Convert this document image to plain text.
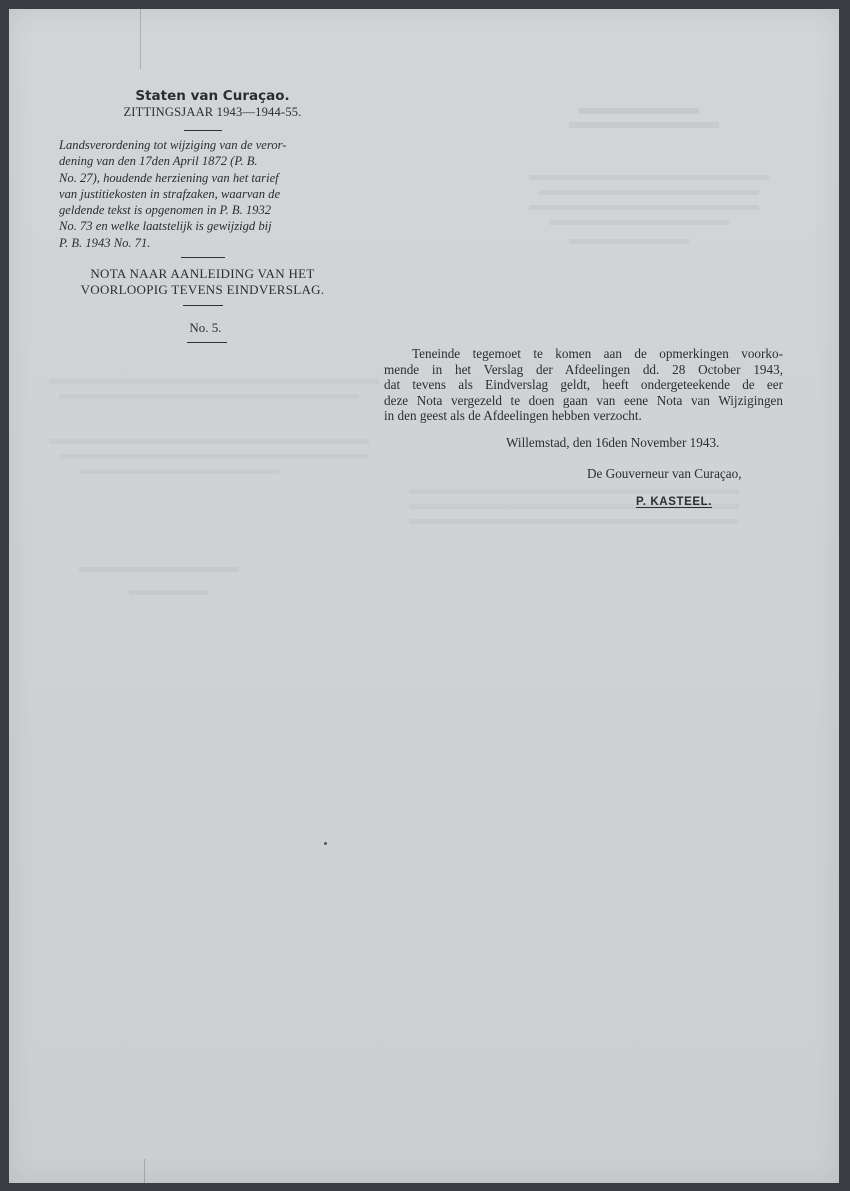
Staten van Curaçao.
ZITTINGSJAAR 1943—1944-55.
Landsverordening tot wijziging van de veror-
dening van den 17den April 1872 (P. B.
No. 27), houdende herziening van het tarief
van justitiekosten in strafzaken, waarvan de
geldende tekst is opgenomen in P. B. 1932
No. 73 en welke laatstelijk is gewijzigd bij
P. B. 1943 No. 71.
NOTA NAAR AANLEIDING VAN HET
VOORLOOPIG TEVENS EINDVERSLAG.
No. 5.
Teneinde tegemoet te komen aan de opmerkingen voorko-
mende in het Verslag der Afdeelingen dd. 28 October 1943,
dat tevens als Eindverslag geldt, heeft ondergeteekende de eer
deze Nota vergezeld te doen gaan van eene Nota van Wijzigingen
in den geest als de Afdeelingen hebben verzocht.
Willemstad, den 16den November 1943.
De Gouverneur van Curaçao,
P. KASTEEL.
